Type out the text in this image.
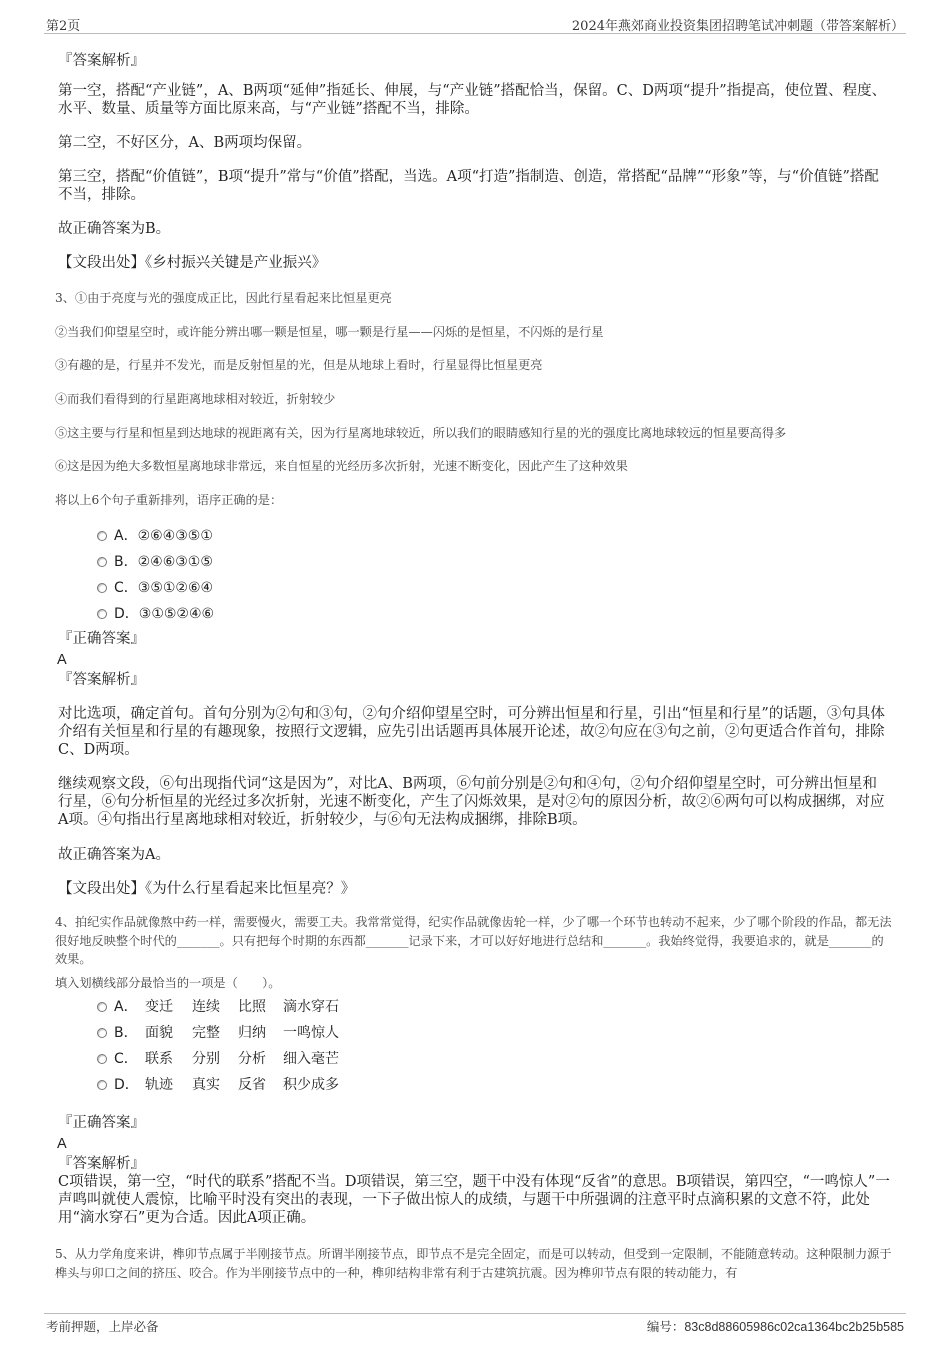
第2页	2024年燕郊商业投资集团招聘笔试冲刺题（带答案解析）
『答案解析』
第一空，搭配“产业链”，A、B两项“延伸”指延长、伸展，与“产业链”搭配恰当，保留。C、D两项“提升”指提高，使位置、程度、水平、数量、质量等方面比原来高，与“产业链”搭配不当，排除。
第二空，不好区分，A、B两项均保留。
第三空，搭配“价值链”，B项“提升”常与“价值”搭配，当选。A项“打造”指制造、创造，常搭配“品牌”“形象”等，与“价值链”搭配不当，排除。
故正确答案为B。
【文段出处】《乡村振兴关键是产业振兴》
3、①由于亮度与光的强度成正比，因此行星看起来比恒星更亮
②当我们仰望星空时，或许能分辨出哪一颗是恒星，哪一颗是行星——闪烁的是恒星，不闪烁的是行星
③有趣的是，行星并不发光，而是反射恒星的光，但是从地球上看时，行星显得比恒星更亮
④而我们看得到的行星距离地球相对较近，折射较少
⑤这主要与行星和恒星到达地球的视距离有关，因为行星离地球较近，所以我们的眼睛感知行星的光的强度比离地球较远的恒星要高得多
⑥这是因为绝大多数恒星离地球非常远，来自恒星的光经历多次折射，光速不断变化，因此产生了这种效果
将以上6个句子重新排列，语序正确的是：
A．②⑥④③⑤①
B．②④⑥③①⑤
C．③⑤①②⑥④
D．③①⑤②④⑥
『正确答案』
A
『答案解析』
对比选项，确定首句。首句分别为②句和③句，②句介绍仰望星空时，可分辨出恒星和行星，引出“恒星和行星”的话题，③句具体介绍有关恒星和行星的有趣现象，按照行文逻辑，应先引出话题再具体展开论述，故②句应在③句之前，②句更适合作首句，排除C、D两项。
继续观察文段，⑥句出现指代词“这是因为”，对比A、B两项，⑥句前分别是②句和④句，②句介绍仰望星空时，可分辨出恒星和行星，⑥句分析恒星的光经过多次折射，光速不断变化，产生了闪烁效果，是对②句的原因分析，故②⑥两句可以构成捆绑，对应A项。④句指出行星离地球相对较近，折射较少，与⑥句无法构成捆绑，排除B项。
故正确答案为A。
【文段出处】《为什么行星看起来比恒星亮？》
4、拍纪实作品就像熬中药一样，需要慢火，需要工夫。我常常觉得，纪实作品就像齿轮一样，少了哪一个环节也转动不起来，少了哪个阶段的作品，都无法很好地反映整个时代的_______。只有把每个时期的东西都_______记录下来，才可以好好地进行总结和_______。我始终觉得，我要追求的，就是_______的效果。
填入划横线部分最恰当的一项是（　　）。
A． 变迁 连续 比照 滴水穿石
B． 面貌 完整 归纳 一鸣惊人
C． 联系 分别 分析 细入毫芒
D． 轨迹 真实 反省 积少成多
『正确答案』
A
『答案解析』
C项错误，第一空，“时代的联系”搭配不当。D项错误，第三空，题干中没有体现“反省”的意思。B项错误，第四空，“一鸣惊人”一声鸣叫就使人震惊，比喻平时没有突出的表现，一下子做出惊人的成绩，与题干中所强调的注意平时点滴积累的文意不符，此处用“滴水穿石”更为合适。因此A项正确。
5、从力学角度来讲，榫卯节点属于半刚接节点。所谓半刚接节点，即节点不是完全固定，而是可以转动，但受到一定限制，不能随意转动。这种限制力源于榫头与卯口之间的挤压、咬合。作为半刚接节点中的一种，榫卯结构非常有利于古建筑抗震。因为榫卯节点有限的转动能力，有
考前押题，上岸必备	编号：83c8d88605986c02ca1364bc2b25b585
